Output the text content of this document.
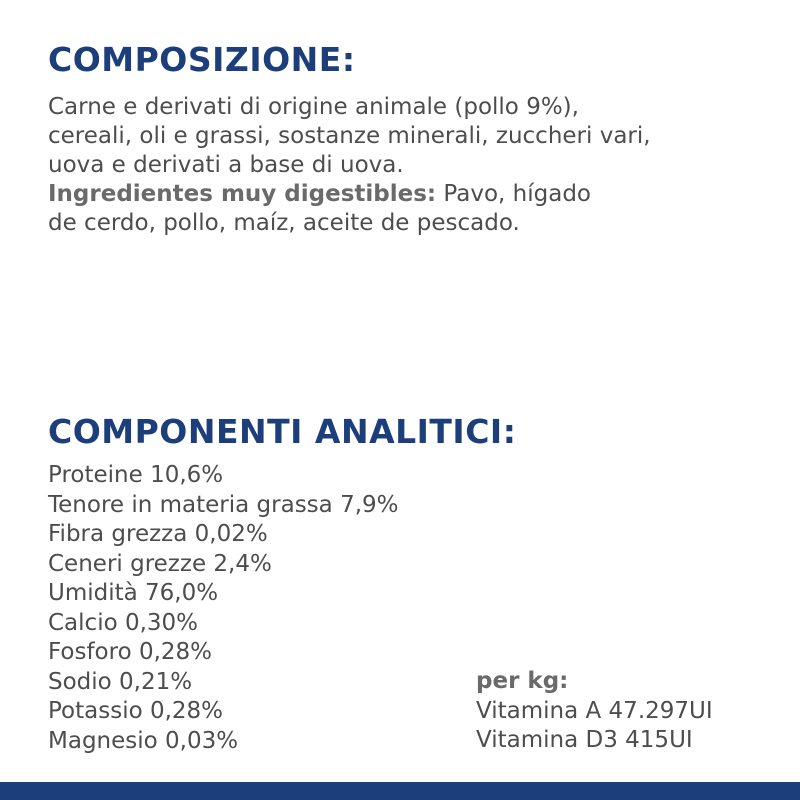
COMPOSIZIONE:
Carne e derivati di origine animale (pollo 9%),
cereali, oli e grassi, sostanze minerali, zuccheri vari,
uova e derivati a base di uova.
Ingredientes muy digestibles: Pavo, hígado
de cerdo, pollo, maíz, aceite de pescado.
COMPONENTI ANALITICI:
Proteine 10,6%
Tenore in materia grassa 7,9%
Fibra grezza 0,02%
Ceneri grezze 2,4%
Umidità 76,0%
Calcio 0,30%
Fosforo 0,28%
Sodio 0,21%
Potassio 0,28%
Magnesio 0,03%
per kg:
Vitamina A 47.297UI
Vitamina D3 415UI
